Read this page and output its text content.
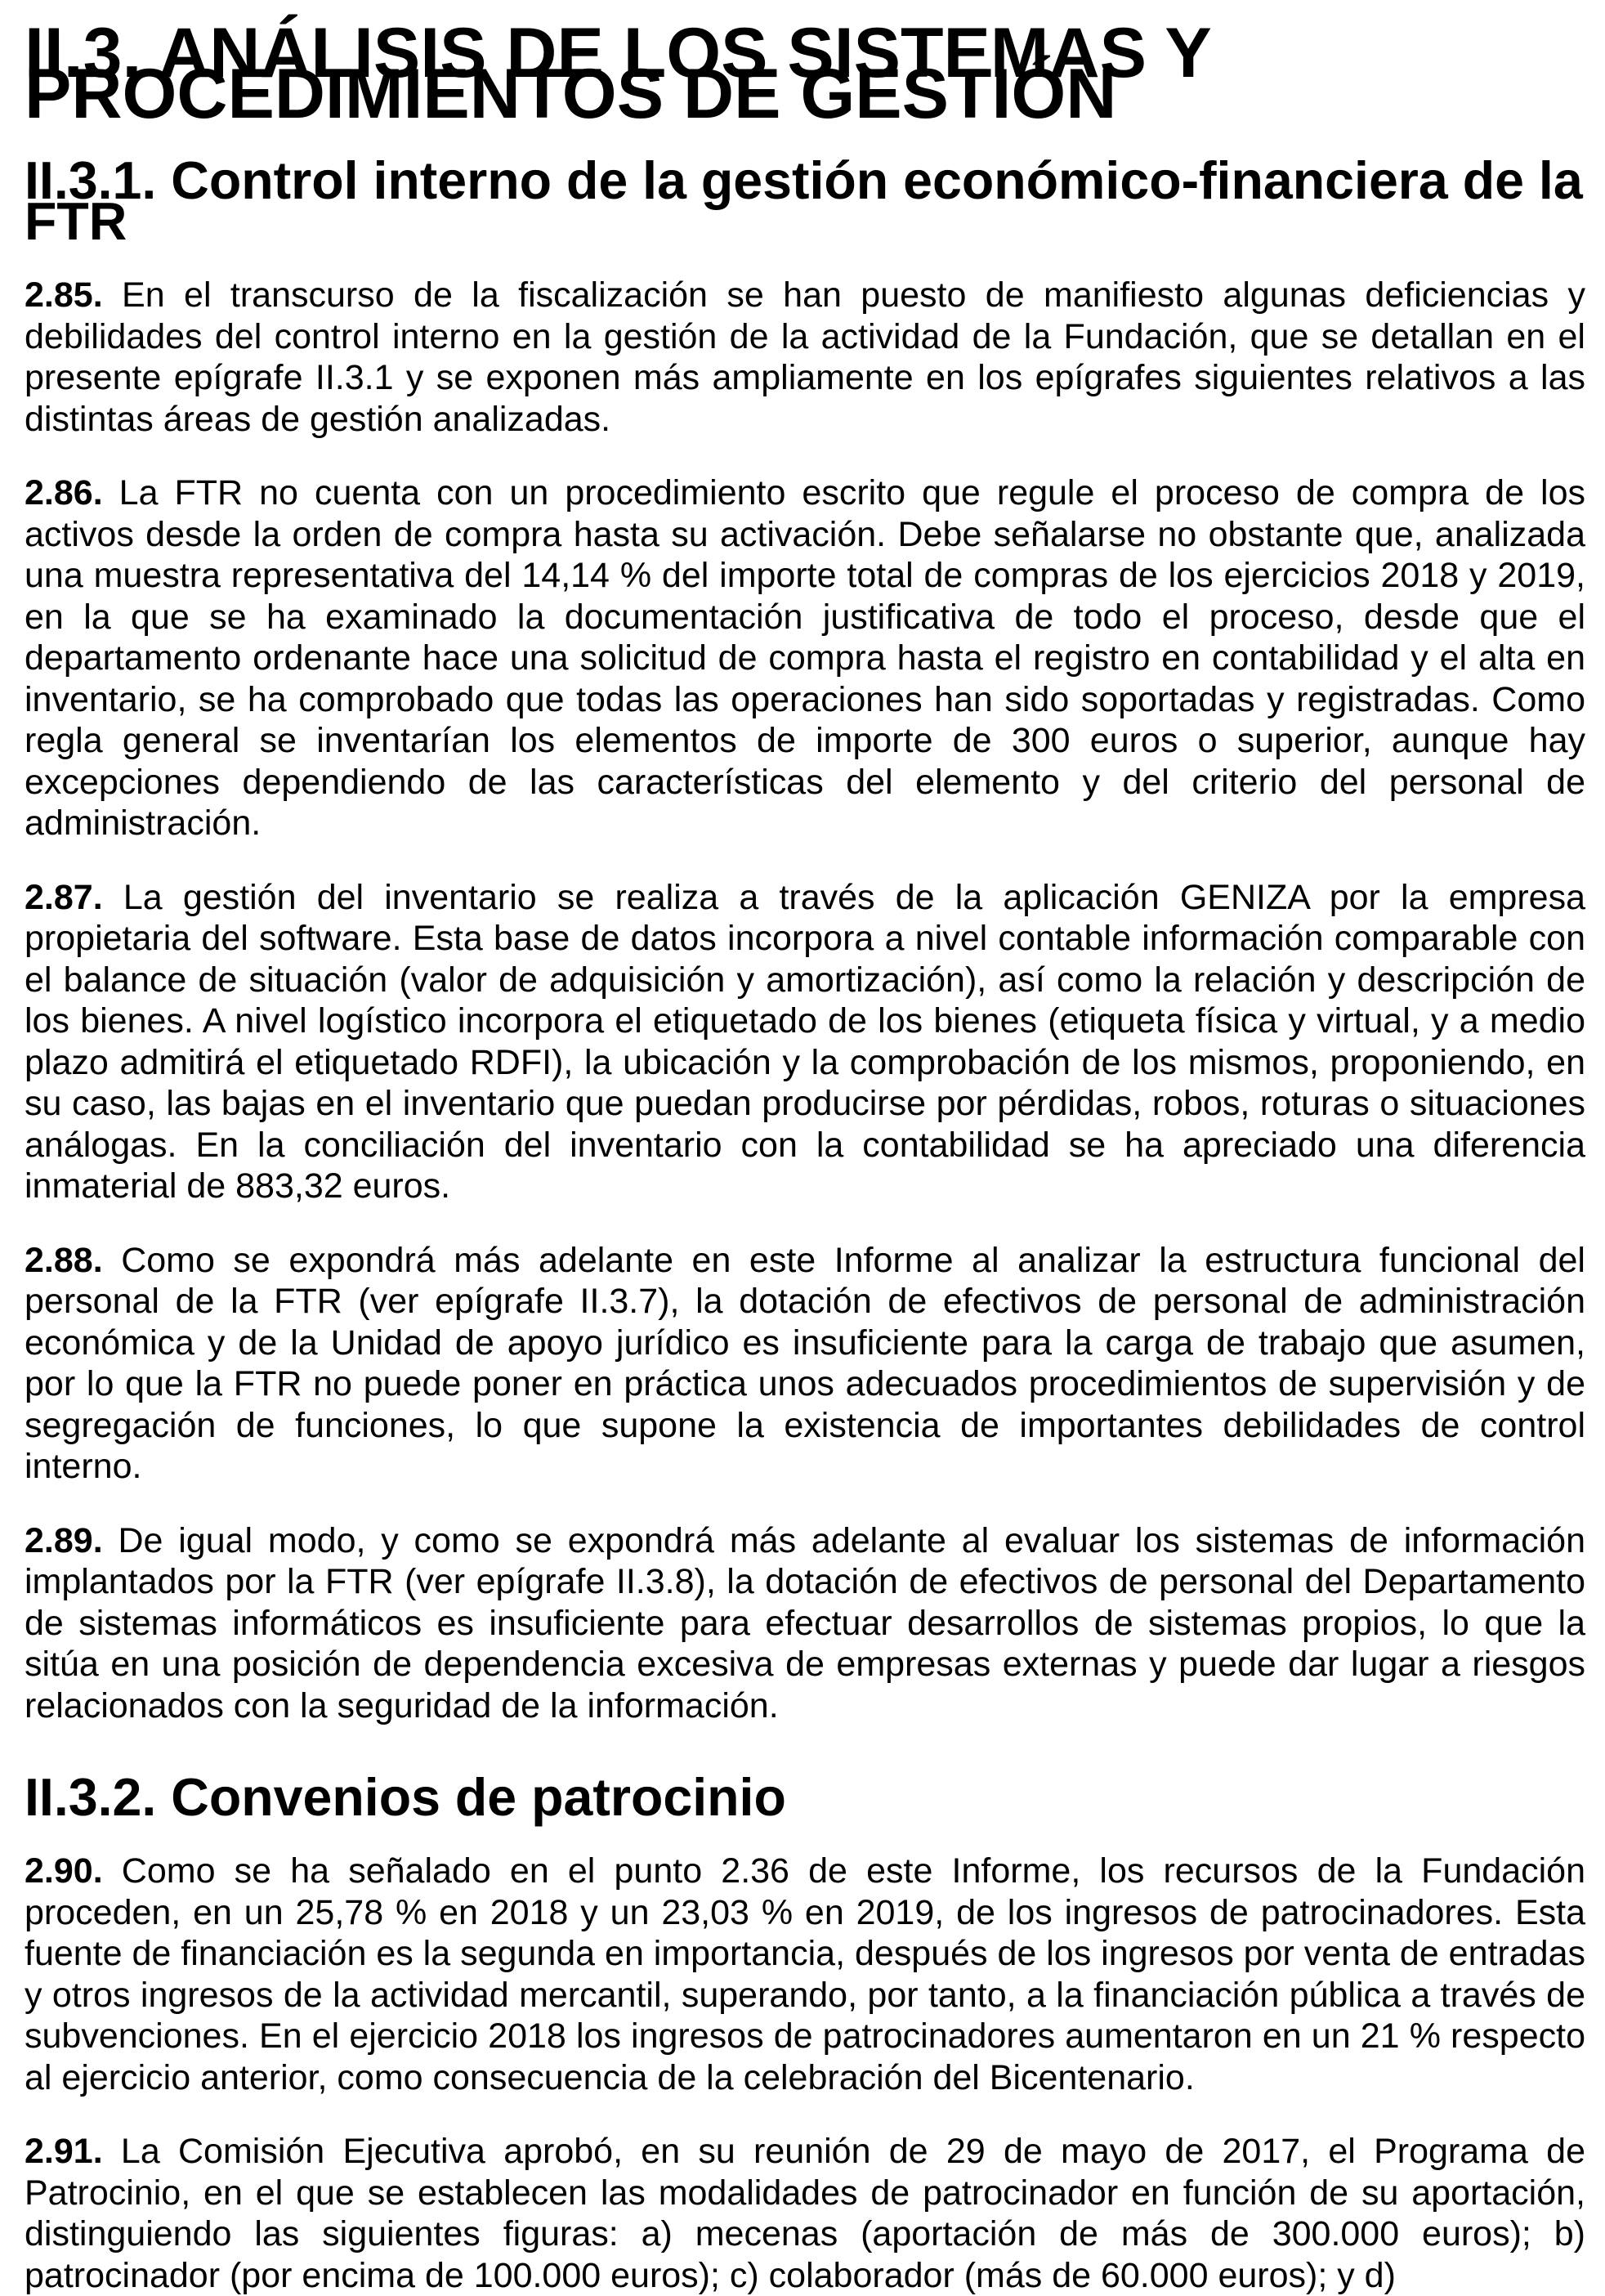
II.3. ANÁLISIS DE LOS SISTEMAS Y PROCEDIMIENTOS DE GESTIÓN
II.3.1. Control interno de la gestión económico-financiera de la FTR

2.85. En el transcurso de la fiscalización se han puesto de manifiesto algunas deficiencias y debilidades del control interno en la gestión de la actividad de la Fundación, que se detallan en el presente epígrafe II.3.1 y se exponen más ampliamente en los epígrafes siguientes relativos a las distintas áreas de gestión analizadas.

2.86. La FTR no cuenta con un procedimiento escrito que regule el proceso de compra de los activos desde la orden de compra hasta su activación. Debe señalarse no obstante que, analizada una muestra representativa del 14,14 % del importe total de compras de los ejercicios 2018 y 2019, en la que se ha examinado la documentación justificativa de todo el proceso, desde que el departamento ordenante hace una solicitud de compra hasta el registro en contabilidad y el alta en inventario, se ha comprobado que todas las operaciones han sido soportadas y registradas. Como regla general se inventarían los elementos de importe de 300 euros o superior, aunque hay excepciones dependiendo de las características del elemento y del criterio del personal de administración.

2.87. La gestión del inventario se realiza a través de la aplicación GENIZA por la empresa propietaria del software. Esta base de datos incorpora a nivel contable información comparable con el balance de situación (valor de adquisición y amortización), así como la relación y descripción de los bienes. A nivel logístico incorpora el etiquetado de los bienes (etiqueta física y virtual, y a medio plazo admitirá el etiquetado RDFI), la ubicación y la comprobación de los mismos, proponiendo, en su caso, las bajas en el inventario que puedan producirse por pérdidas, robos, roturas o situaciones análogas. En la conciliación del inventario con la contabilidad se ha apreciado una diferencia inmaterial de 883,32 euros.

2.88. Como se expondrá más adelante en este Informe al analizar la estructura funcional del personal de la FTR (ver epígrafe II.3.7), la dotación de efectivos de personal de administración económica y de la Unidad de apoyo jurídico es insuficiente para la carga de trabajo que asumen, por lo que la FTR no puede poner en práctica unos adecuados procedimientos de supervisión y de segregación de funciones, lo que supone la existencia de importantes debilidades de control interno.

2.89. De igual modo, y como se expondrá más adelante al evaluar los sistemas de información implantados por la FTR (ver epígrafe II.3.8), la dotación de efectivos de personal del Departamento de sistemas informáticos es insuficiente para efectuar desarrollos de sistemas propios, lo que la sitúa en una posición de dependencia excesiva de empresas externas y puede dar lugar a riesgos relacionados con la seguridad de la información.

II.3.2. Convenios de patrocinio

2.90. Como se ha señalado en el punto 2.36 de este Informe, los recursos de la Fundación proceden, en un 25,78 % en 2018 y un 23,03 % en 2019, de los ingresos de patrocinadores. Esta fuente de financiación es la segunda en importancia, después de los ingresos por venta de entradas y otros ingresos de la actividad mercantil, superando, por tanto, a la financiación pública a través de subvenciones. En el ejercicio 2018 los ingresos de patrocinadores aumentaron en un 21 % respecto al ejercicio anterior, como consecuencia de la celebración del Bicentenario.

2.91. La Comisión Ejecutiva aprobó, en su reunión de 29 de mayo de 2017, el Programa de Patrocinio, en el que se establecen las modalidades de patrocinador en función de su aportación, distinguiendo las siguientes figuras: a) mecenas (aportación de más de 300.000 euros); b) patrocinador (por encima de 100.000 euros); c) colaborador (más de 60.000 euros); y d)
